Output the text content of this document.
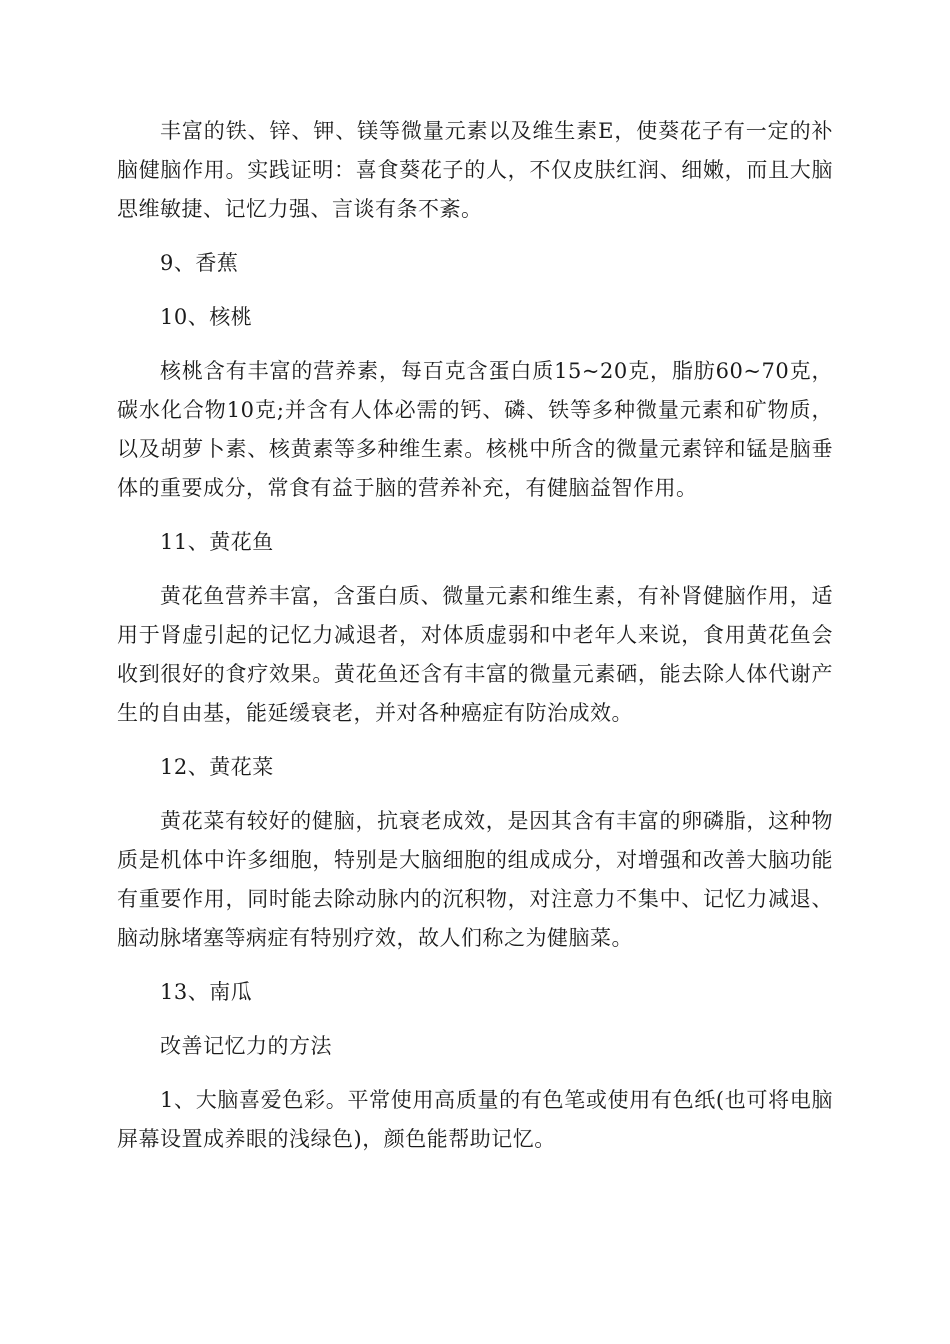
丰富的铁、锌、钾、镁等微量元素以及维生素E，使葵花子有一定的补脑健脑作用。实践证明：喜食葵花子的人，不仅皮肤红润、细嫩，而且大脑思维敏捷、记忆力强、言谈有条不紊。

9、香蕉

10、核桃

核桃含有丰富的营养素，每百克含蛋白质15~20克，脂肪60~70克，碳水化合物10克;并含有人体必需的钙、磷、铁等多种微量元素和矿物质，以及胡萝卜素、核黄素等多种维生素。核桃中所含的微量元素锌和锰是脑垂体的重要成分，常食有益于脑的营养补充，有健脑益智作用。

11、黄花鱼

黄花鱼营养丰富，含蛋白质、微量元素和维生素，有补肾健脑作用，适用于肾虚引起的记忆力减退者，对体质虚弱和中老年人来说，食用黄花鱼会收到很好的食疗效果。黄花鱼还含有丰富的微量元素硒，能去除人体代谢产生的自由基，能延缓衰老，并对各种癌症有防治成效。

12、黄花菜

黄花菜有较好的健脑，抗衰老成效，是因其含有丰富的卵磷脂，这种物质是机体中许多细胞，特别是大脑细胞的组成成分，对增强和改善大脑功能有重要作用，同时能去除动脉内的沉积物，对注意力不集中、记忆力减退、脑动脉堵塞等病症有特别疗效，故人们称之为健脑菜。

13、南瓜

改善记忆力的方法

1、大脑喜爱色彩。平常使用高质量的有色笔或使用有色纸(也可将电脑屏幕设置成养眼的浅绿色)，颜色能帮助记忆。
